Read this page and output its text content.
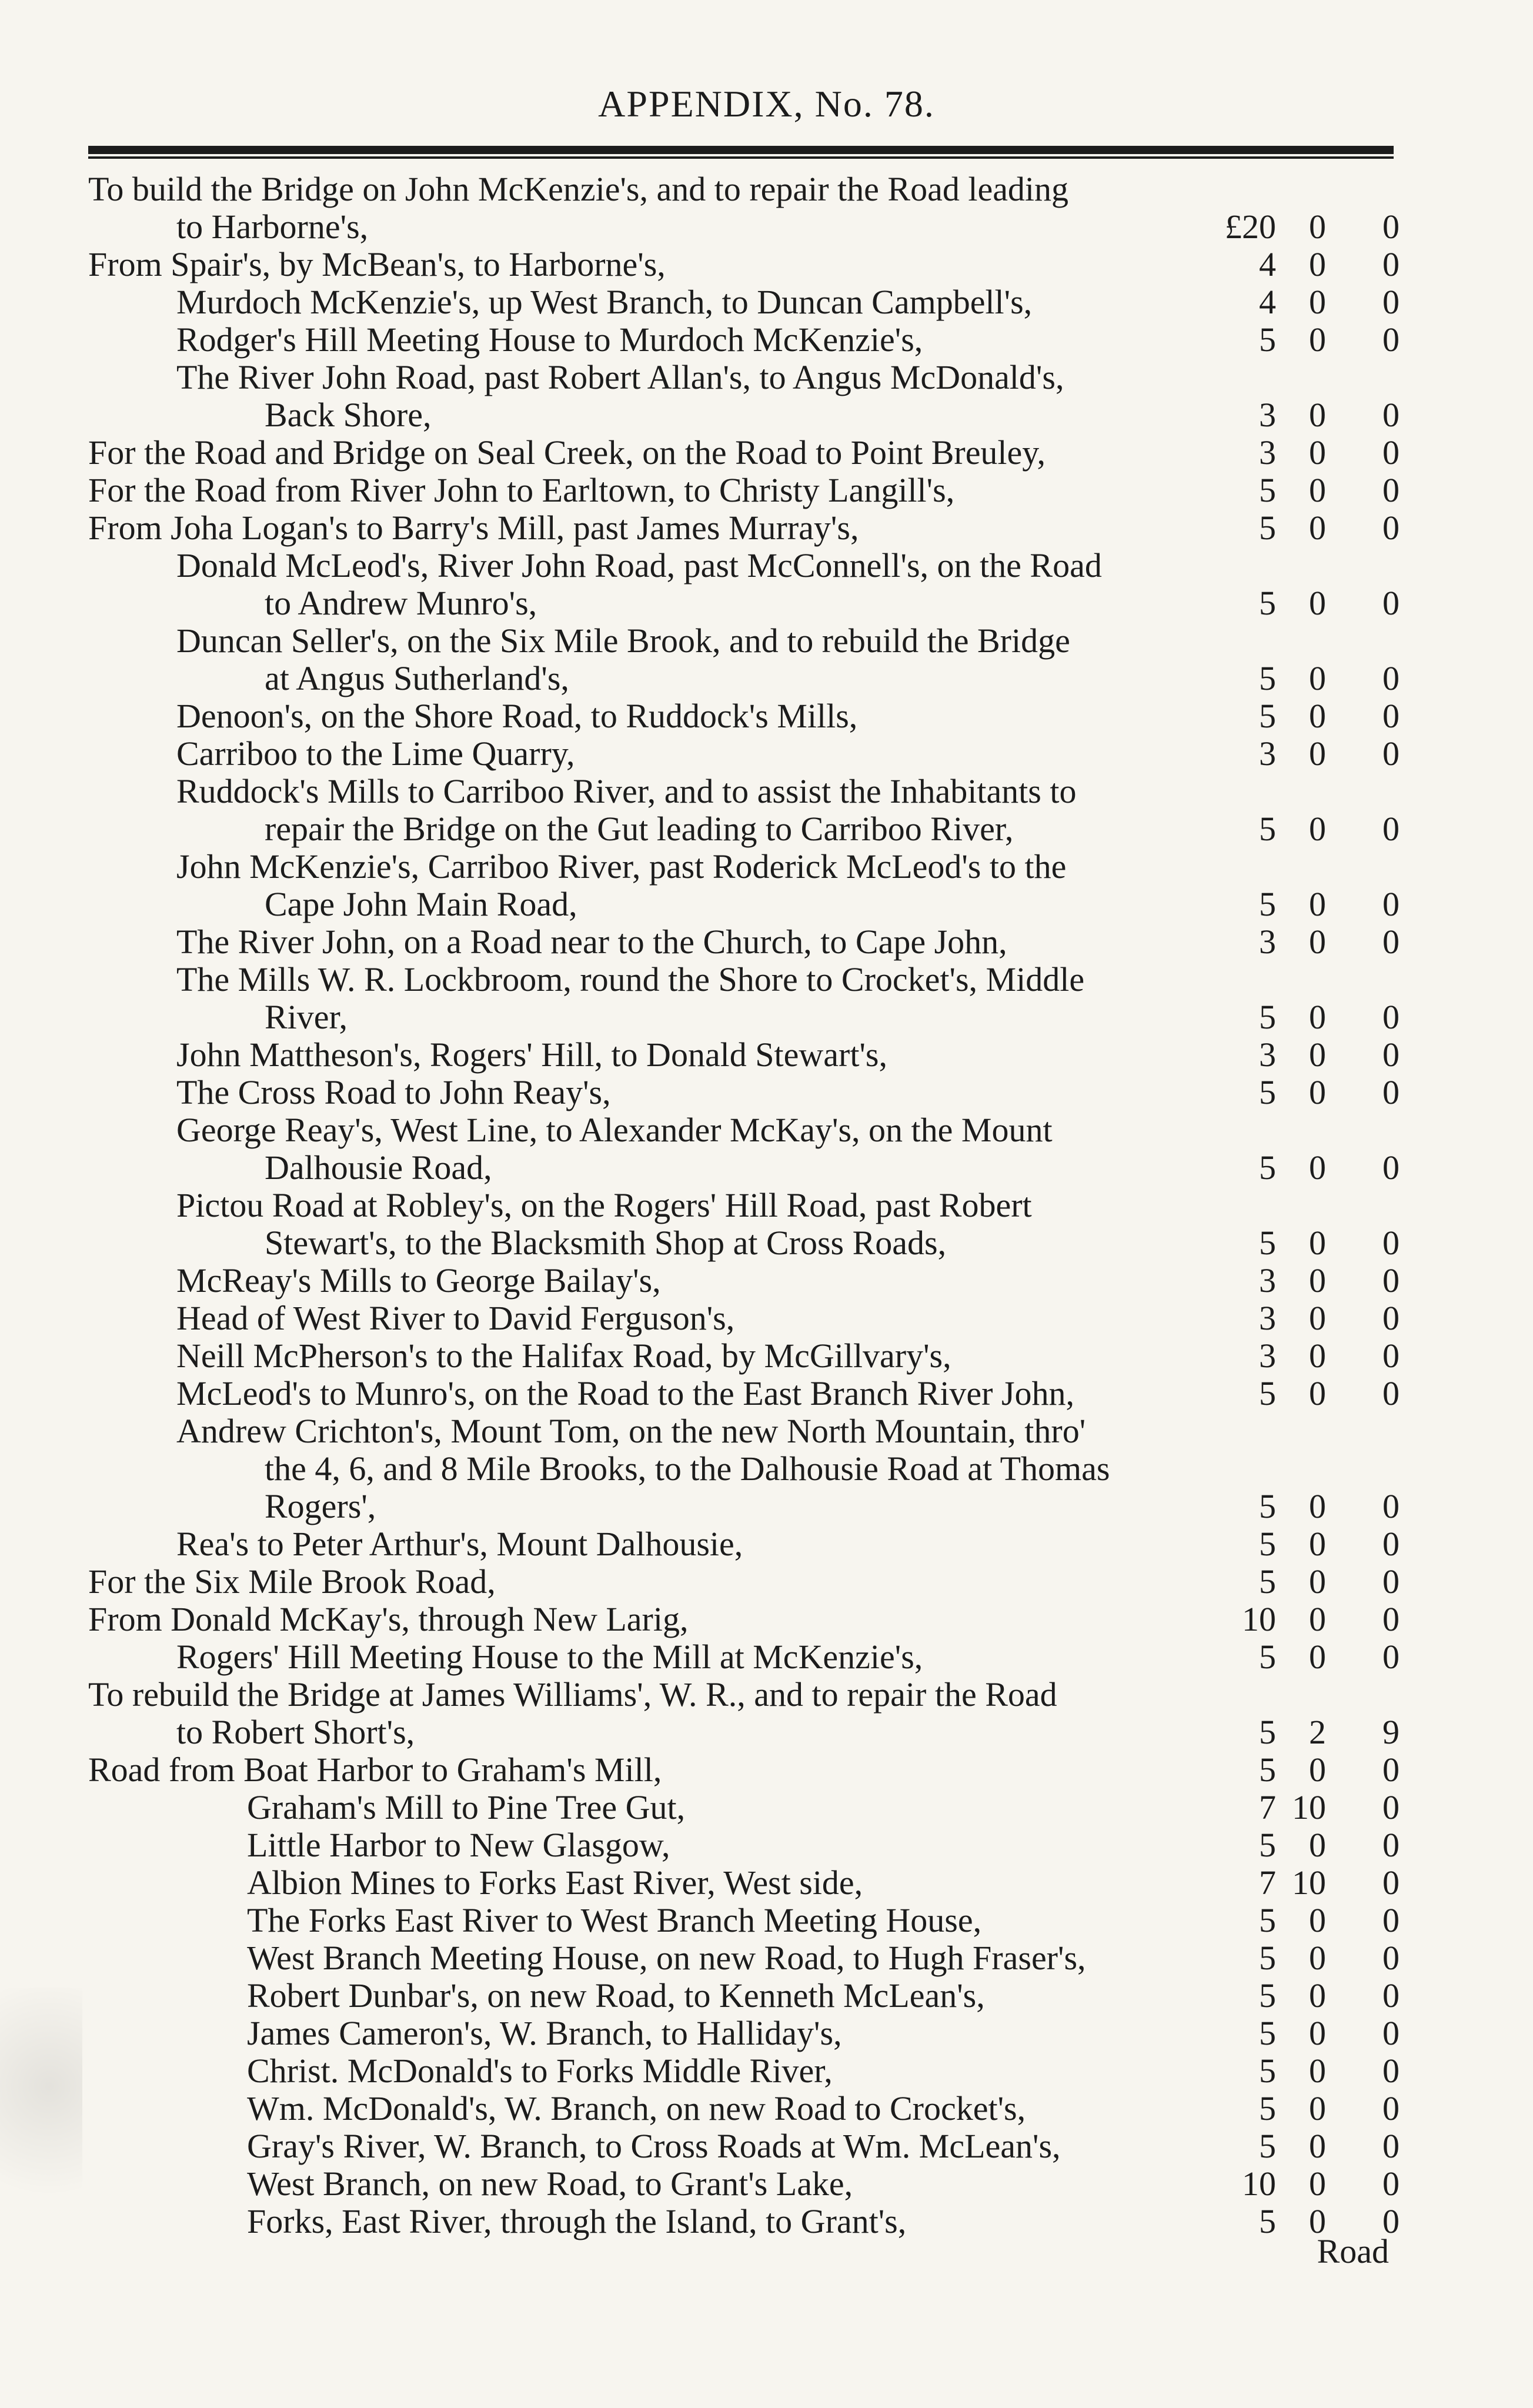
APPENDIX, No. 78.
To build the Bridge on John McKenzie's, and to repair the Road leading
to Harborne's,	£20 0 0
From Spair's, by McBean's, to Harborne's,	4 0 0
Murdoch McKenzie's, up West Branch, to Duncan Campbell's,	4 0 0
Rodger's Hill Meeting House to Murdoch McKenzie's,	5 0 0
The River John Road, past Robert Allan's, to Angus McDonald's,
Back Shore,	3 0 0
For the Road and Bridge on Seal Creek, on the Road to Point Breuley,	3 0 0
For the Road from River John to Earltown, to Christy Langill's,	5 0 0
From Joha Logan's to Barry's Mill, past James Murray's,	5 0 0
Donald McLeod's, River John Road, past McConnell's, on the Road
to Andrew Munro's,	5 0 0
Duncan Seller's, on the Six Mile Brook, and to rebuild the Bridge
at Angus Sutherland's,	5 0 0
Denoon's, on the Shore Road, to Ruddock's Mills,	5 0 0
Carriboo to the Lime Quarry,	3 0 0
Ruddock's Mills to Carriboo River, and to assist the Inhabitants to
repair the Bridge on the Gut leading to Carriboo River,	5 0 0
John McKenzie's, Carriboo River, past Roderick McLeod's to the
Cape John Main Road,	5 0 0
The River John, on a Road near to the Church, to Cape John,	3 0 0
The Mills W. R. Lockbroom, round the Shore to Crocket's, Middle
River,	5 0 0
John Mattheson's, Rogers' Hill, to Donald Stewart's,	3 0 0
The Cross Road to John Reay's,	5 0 0
George Reay's, West Line, to Alexander McKay's, on the Mount
Dalhousie Road,	5 0 0
Pictou Road at Robley's, on the Rogers' Hill Road, past Robert
Stewart's, to the Blacksmith Shop at Cross Roads,	5 0 0
McReay's Mills to George Bailay's,	3 0 0
Head of West River to David Ferguson's,	3 0 0
Neill McPherson's to the Halifax Road, by McGillvary's,	3 0 0
McLeod's to Munro's, on the Road to the East Branch River John,	5 0 0
Andrew Crichton's, Mount Tom, on the new North Mountain, thro'
the 4, 6, and 8 Mile Brooks, to the Dalhousie Road at Thomas
Rogers',	5 0 0
Rea's to Peter Arthur's, Mount Dalhousie,	5 0 0
For the Six Mile Brook Road,	5 0 0
From Donald McKay's, through New Larig,	10 0 0
Rogers' Hill Meeting House to the Mill at McKenzie's,	5 0 0
To rebuild the Bridge at James Williams', W. R., and to repair the Road
to Robert Short's,	5 2 9
Road from Boat Harbor to Graham's Mill,	5 0 0
Graham's Mill to Pine Tree Gut,	7 10 0
Little Harbor to New Glasgow,	5 0 0
Albion Mines to Forks East River, West side,	7 10 0
The Forks East River to West Branch Meeting House,	5 0 0
West Branch Meeting House, on new Road, to Hugh Fraser's,	5 0 0
Robert Dunbar's, on new Road, to Kenneth McLean's,	5 0 0
James Cameron's, W. Branch, to Halliday's,	5 0 0
Christ. McDonald's to Forks Middle River,	5 0 0
Wm. McDonald's, W. Branch, on new Road to Crocket's,	5 0 0
Gray's River, W. Branch, to Cross Roads at Wm. McLean's,	5 0 0
West Branch, on new Road, to Grant's Lake,	10 0 0
Forks, East River, through the Island, to Grant's,	5 0 0
Road
